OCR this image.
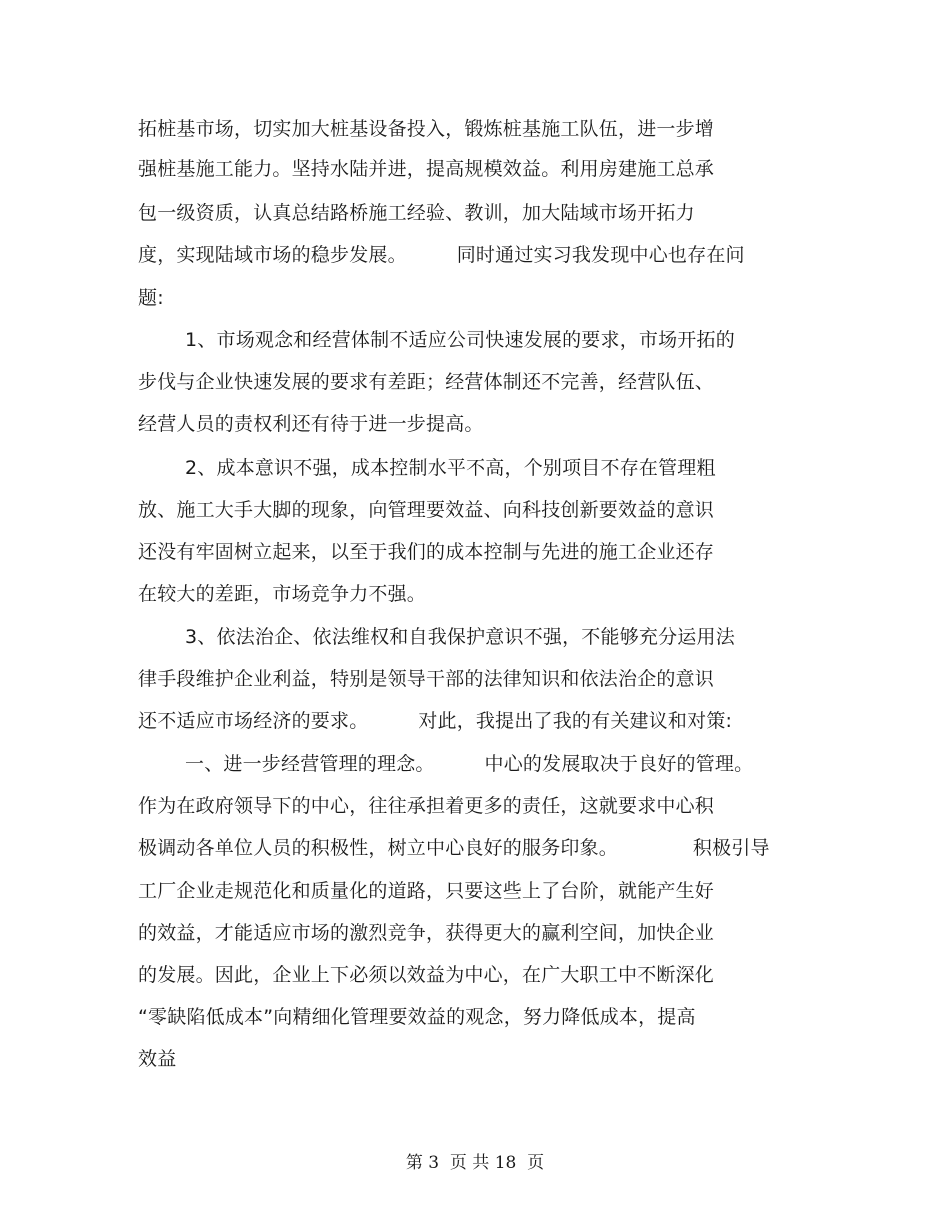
拓桩基市场，切实加大桩基设备投入，锻炼桩基施工队伍，进一步增
强桩基施工能力。坚持水陆并进，提高规模效益。利用房建施工总承
包一级资质，认真总结路桥施工经验、教训，加大陆域市场开拓力
度，实现陆域市场的稳步发展。        同时通过实习我发现中心也存在问
题:
1、市场观念和经营体制不适应公司快速发展的要求，市场开拓的
步伐与企业快速发展的要求有差距；经营体制还不完善，经营队伍、
经营人员的责权利还有待于进一步提高。
2、成本意识不强，成本控制水平不高，个别项目不存在管理粗
放、施工大手大脚的现象，向管理要效益、向科技创新要效益的意识
还没有牢固树立起来，以至于我们的成本控制与先进的施工企业还存
在较大的差距，市场竞争力不强。
3、依法治企、依法维权和自我保护意识不强，不能够充分运用法
律手段维护企业利益，特别是领导干部的法律知识和依法治企的意识
还不适应市场经济的要求。        对此，我提出了我的有关建议和对策:
一、进一步经营管理的理念。        中心的发展取决于良好的管理。
作为在政府领导下的中心，往往承担着更多的责任，这就要求中心积
极调动各单位人员的积极性，树立中心良好的服务印象。            积极引导
工厂企业走规范化和质量化的道路，只要这些上了台阶，就能产生好
的效益，才能适应市场的激烈竞争，获得更大的赢利空间，加快企业
的发展。因此，企业上下必须以效益为中心，在广大职工中不断深化
“零缺陷低成本”向精细化管理要效益的观念，努力降低成本，提高
效益
第 3  页 共 18  页
